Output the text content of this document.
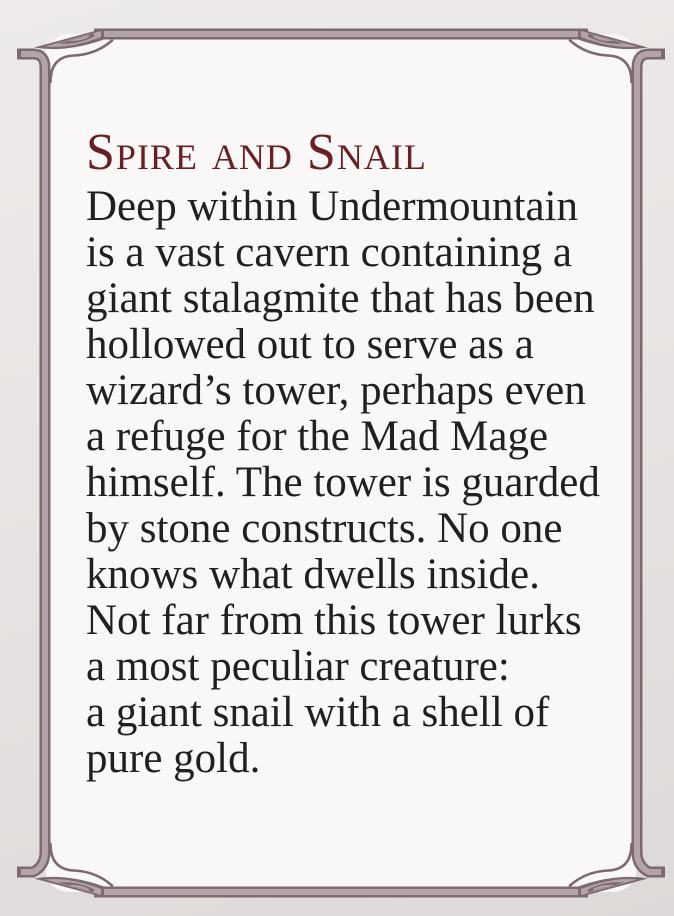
Spire and Snail
Deep within Undermountain
is a vast cavern containing a
giant stalagmite that has been
hollowed out to serve as a
wizard’s tower, perhaps even
a refuge for the Mad Mage
himself. The tower is guarded
by stone constructs. No one
knows what dwells inside.
Not far from this tower lurks
a most peculiar creature:
a giant snail with a shell of
pure gold.
